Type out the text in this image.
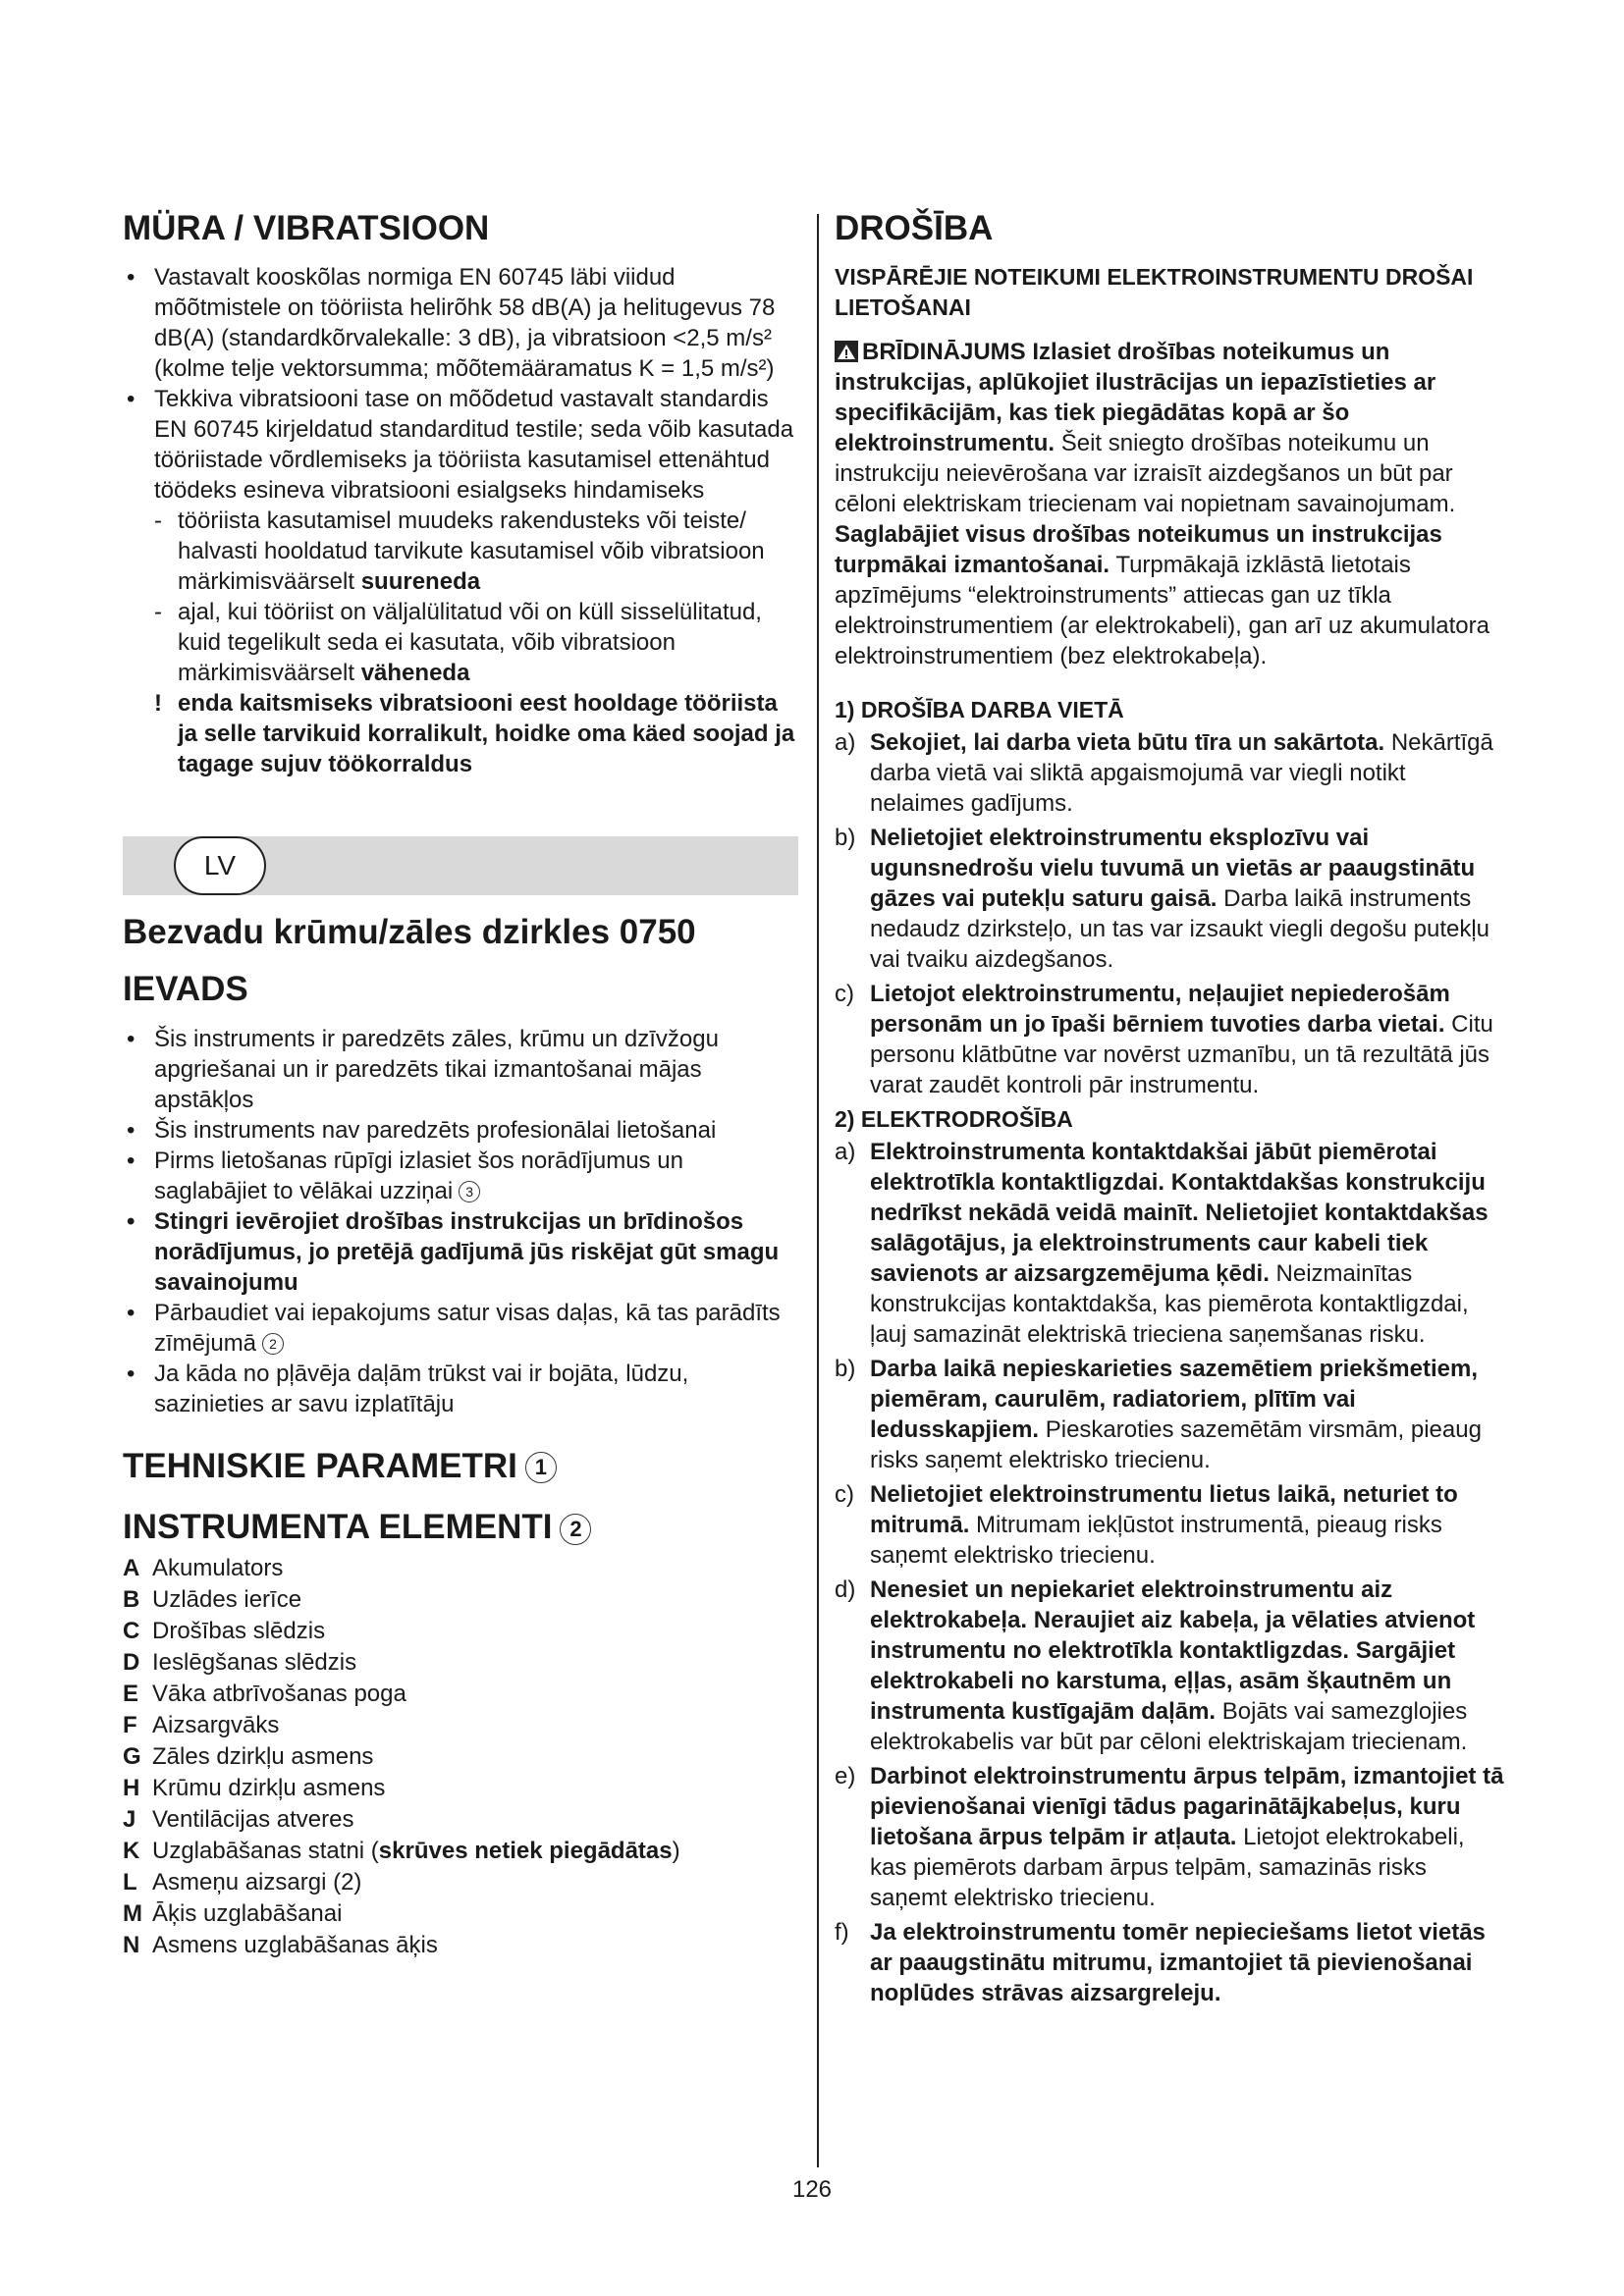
MÜRA / VIBRATSIOON
• Vastavalt kooskõlas normiga EN 60745 läbi viidud mõõtmistele on tööriista helirõhk 58 dB(A) ja helitugevus 78 dB(A) (standardkõrvalekalle: 3 dB), ja vibratsioon <2,5 m/s² (kolme telje vektorsumma; mõõtemääramatus K = 1,5 m/s²)
• Tekkiva vibratsiooni tase on mõõdetud vastavalt standardis EN 60745 kirjeldatud standarditud testile; seda võib kasutada tööriistade võrdlemiseks ja tööriista kasutamisel ettenähtud töödeks esineva vibratsiooni esialgseks hindamiseks
- tööriista kasutamisel muudeks rakendusteks või teiste/ halvasti hooldatud tarvikute kasutamisel võib vibratsioon märkimisväärselt suureneda
- ajal, kui tööriist on väljalülitatud või on küll sisselülitatud, kuid tegelikult seda ei kasutata, võib vibratsioon märkimisväärselt väheneda
! enda kaitsmiseks vibratsiooni eest hooldage tööriista ja selle tarvikuid korralikult, hoidke oma käed soojad ja tagage sujuv töökorraldus
LV
Bezvadu krūmu/zāles dzirkles 0750
IEVADS
• Šis instruments ir paredzēts zāles, krūmu un dzīvžogu apgriešanai un ir paredzēts tikai izmantošanai mājas apstākļos
• Šis instruments nav paredzēts profesionālai lietošanai
• Pirms lietošanas rūpīgi izlasiet šos norādījumus un saglabājiet to vēlākai uzziņai 3
• Stingri ievērojiet drošības instrukcijas un brīdinošos norādījumus, jo pretējā gadījumā jūs riskējat gūt smagu savainojumu
• Pārbaudiet vai iepakojums satur visas daļas, kā tas parādīts zīmējumā 2
• Ja kāda no pļāvēja daļām trūkst vai ir bojāta, lūdzu, sazinieties ar savu izplatītāju
TEHNISKIE PARAMETRI 1
INSTRUMENTA ELEMENTI 2
A Akumulators
B Uzlādes ierīce
C Drošības slēdzis
D Ieslēgšanas slēdzis
E Vāka atbrīvošanas poga
F Aizsargvāks
G Zāles dzirkļu asmens
H Krūmu dzirkļu asmens
J Ventilācijas atveres
K Uzglabāšanas statni (skrūves netiek piegādātas)
L Asmeņu aizsargi (2)
M Āķis uzglabāšanai
N Asmens uzglabāšanas āķis
DROŠĪBA
VISPĀRĒJIE NOTEIKUMI ELEKTROINSTRUMENTU DROŠAI LIETOŠANAI

BRĪDINĀJUMS Izlasiet drošības noteikumus un instrukcijas, aplūkojiet ilustrācijas un iepazīstieties ar specifikācijām, kas tiek piegādātas kopā ar šo elektroinstrumentu. Šeit sniegto drošības noteikumu un instrukciju neievērošana var izraisīt aizdegšanos un būt par cēloni elektriskam triecienam vai nopietnam savainojumam. Saglabājiet visus drošības noteikumus un instrukcijas turpmākai izmantošanai. Turpmākajā izklāstā lietotais apzīmējums “elektroinstruments” attiecas gan uz tīkla elektroinstrumentiem (ar elektrokabeli), gan arī uz akumulatora elektroinstrumentiem (bez elektrokabeļa).

1) DROŠĪBA DARBA VIETĀ
a) Sekojiet, lai darba vieta būtu tīra un sakārtota. Nekārtīgā darba vietā vai sliktā apgaismojumā var viegli notikt nelaimes gadījums.
b) Nelietojiet elektroinstrumentu eksplozīvu vai ugunsnedrošu vielu tuvumā un vietās ar paaugstinātu gāzes vai putekļu saturu gaisā. Darba laikā instruments nedaudz dzirksteļo, un tas var izsaukt viegli degošu putekļu vai tvaiku aizdegšanos.
c) Lietojot elektroinstrumentu, neļaujiet nepiederošām personām un jo īpaši bērniem tuvoties darba vietai. Citu personu klātbūtne var novērst uzmanību, un tā rezultātā jūs varat zaudēt kontroli pār instrumentu.
2) ELEKTRODROŠĪBA
a) Elektroinstrumenta kontaktdakšai jābūt piemērotai elektrotīkla kontaktligzdai. Kontaktdakšas konstrukciju nedrīkst nekādā veidā mainīt. Nelietojiet kontaktdakšas salāgotājus, ja elektroinstruments caur kabeli tiek savienots ar aizsargzemējuma ķēdi. Neizmainītas konstrukcijas kontaktdakša, kas piemērota kontaktligzdai, ļauj samazināt elektriskā trieciena saņemšanas risku.
b) Darba laikā nepieskarieties sazemētiem priekšmetiem, piemēram, caurulēm, radiatoriem, plītīm vai ledusskapjiem. Pieskaroties sazemētām virsmām, pieaug risks saņemt elektrisko triecienu.
c) Nelietojiet elektroinstrumentu lietus laikā, neturiet to mitrumā. Mitrumam iekļūstot instrumentā, pieaug risks saņemt elektrisko triecienu.
d) Nenesiet un nepiekariet elektroinstrumentu aiz elektrokabeļa. Neraujiet aiz kabeļa, ja vēlaties atvienot instrumentu no elektrotīkla kontaktligzdas. Sargājiet elektrokabeli no karstuma, eļļas, asām šķautnēm un instrumenta kustīgajām daļām. Bojāts vai samezglojies elektrokabelis var būt par cēloni elektriskajam triecienam.
e) Darbinot elektroinstrumentu ārpus telpām, izmantojiet tā pievienošanai vienīgi tādus pagarinātājkabeļus, kuru lietošana ārpus telpām ir atļauta. Lietojot elektrokabeli, kas piemērots darbam ārpus telpām, samazinās risks saņemt elektrisko triecienu.
f) Ja elektroinstrumentu tomēr nepieciešams lietot vietās ar paaugstinātu mitrumu, izmantojiet tā pievienošanai noplūdes strāvas aizsargreleju.
126
